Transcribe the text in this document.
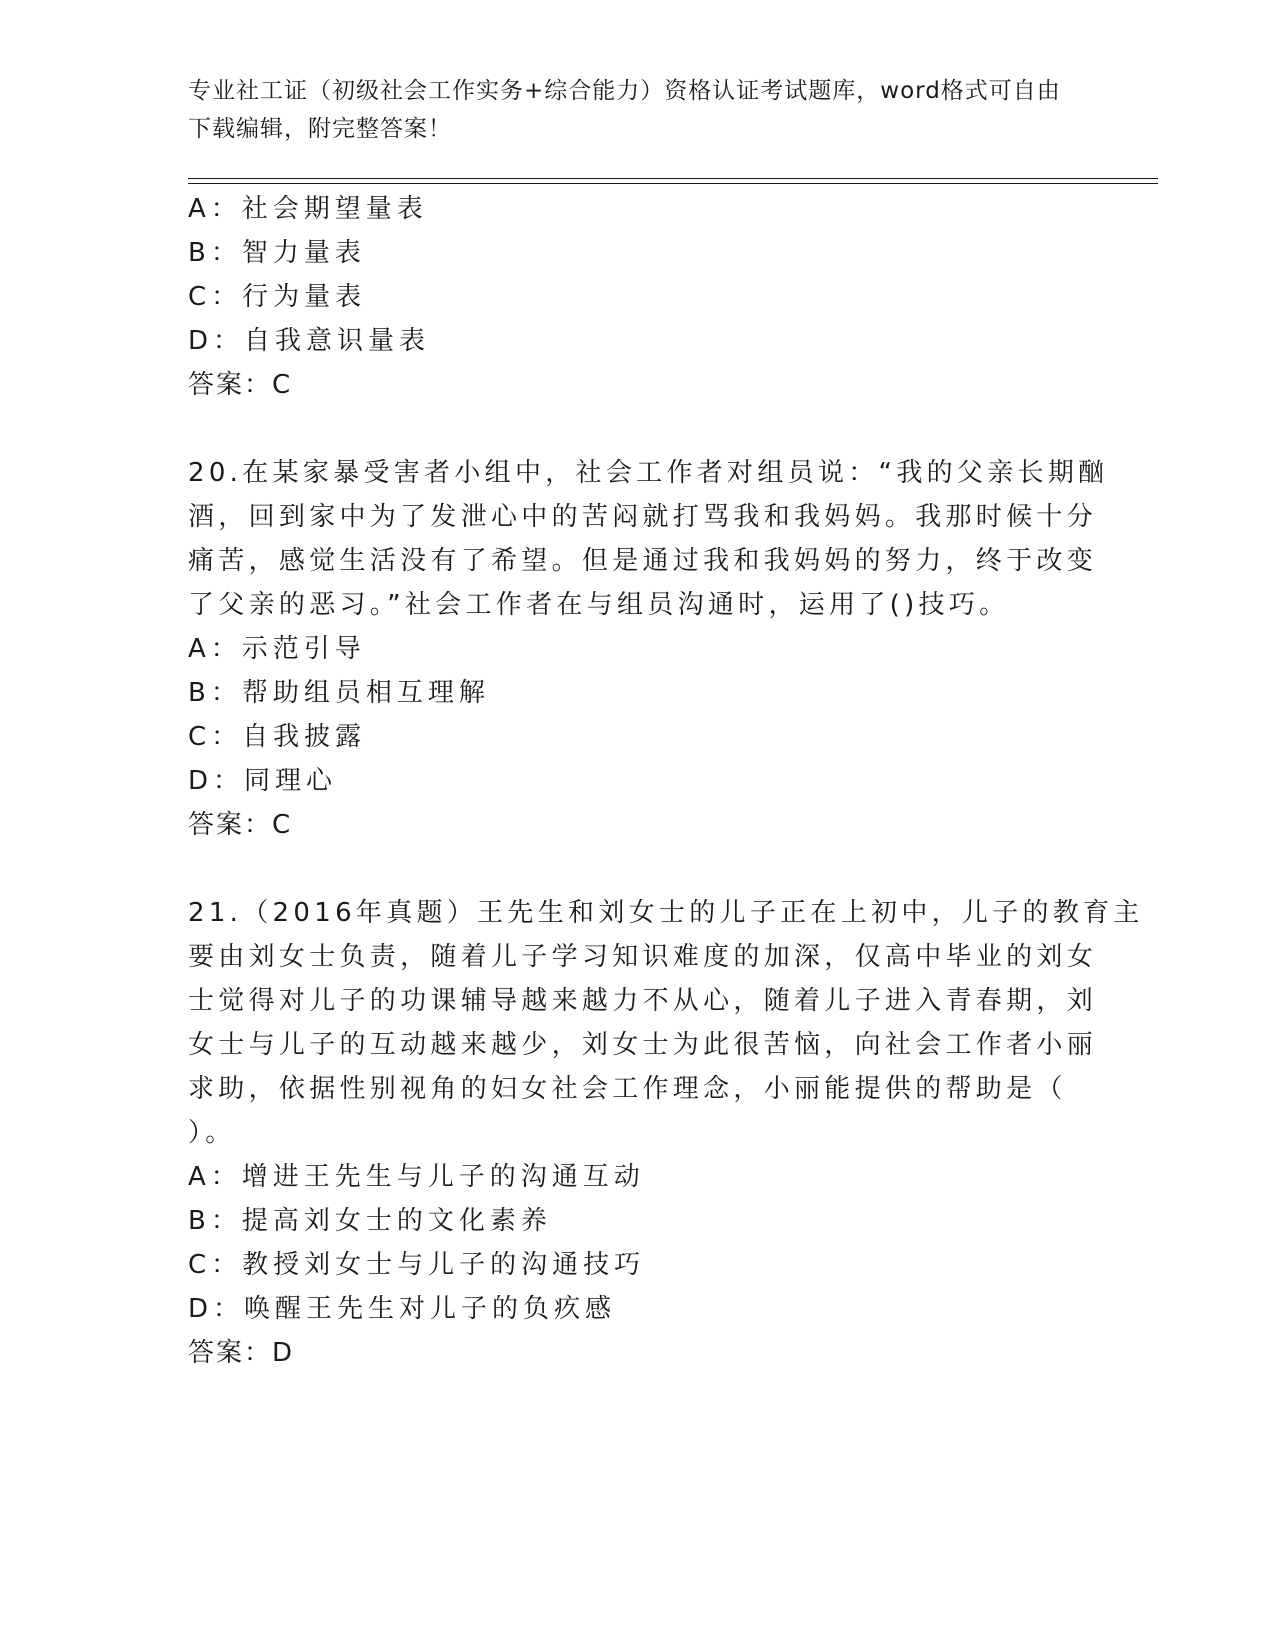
专业社工证（初级社会工作实务+综合能力）资格认证考试题库，word格式可自由
下载编辑，附完整答案！
A：社会期望量表
B：智力量表
C：行为量表
D：自我意识量表
答案：C
20.在某家暴受害者小组中，社会工作者对组员说：“我的父亲长期酗
酒，回到家中为了发泄心中的苦闷就打骂我和我妈妈。我那时候十分
痛苦，感觉生活没有了希望。但是通过我和我妈妈的努力，终于改变
了父亲的恶习。”社会工作者在与组员沟通时，运用了()技巧。
A：示范引导
B：帮助组员相互理解
C：自我披露
D：同理心
答案：C
21.（2016年真题）王先生和刘女士的儿子正在上初中，儿子的教育主
要由刘女士负责，随着儿子学习知识难度的加深，仅高中毕业的刘女
士觉得对儿子的功课辅导越来越力不从心，随着儿子进入青春期，刘
女士与儿子的互动越来越少，刘女士为此很苦恼，向社会工作者小丽
求助，依据性别视角的妇女社会工作理念，小丽能提供的帮助是（
）。
A：增进王先生与儿子的沟通互动
B：提高刘女士的文化素养
C：教授刘女士与儿子的沟通技巧
D：唤醒王先生对儿子的负疚感
答案：D
